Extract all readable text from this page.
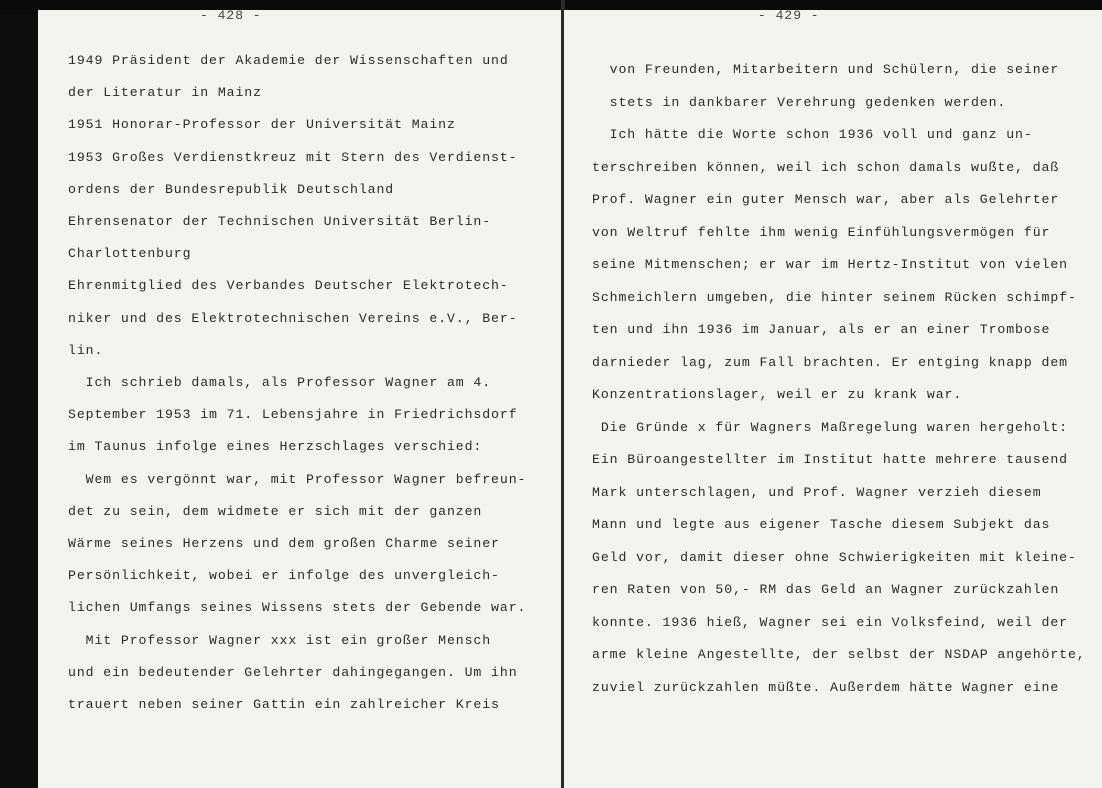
- 428 -
1949 Präsident der Akademie der Wissenschaften und
der Literatur in Mainz
1951 Honorar-Professor der Universität Mainz
1953 Großes Verdienstkreuz mit Stern des Verdienst-
ordens der Bundesrepublik Deutschland
Ehrensenator der Technischen Universität Berlin-
Charlottenburg
Ehrenmitglied des Verbandes Deutscher Elektrotech-
niker und des Elektrotechnischen Vereins e.V., Ber-
lin.
Ich schrieb damals, als Professor Wagner am 4.
September 1953 im 71. Lebensjahre in Friedrichsdorf
im Taunus infolge eines Herzschlages verschied:
Wem es vergönnt war, mit Professor Wagner befreun-
det zu sein, dem widmete er sich mit der ganzen
Wärme seines Herzens und dem großen Charme seiner
Persönlichkeit, wobei er infolge des unvergleich-
lichen Umfangs seines Wissens stets der Gebende war.
Mit Professor Wagner xxx ist ein großer Mensch
und ein bedeutender Gelehrter dahingegangen. Um ihn
trauert neben seiner Gattin ein zahlreicher Kreis
- 429 -
von Freunden, Mitarbeitern und Schülern, die seiner
stets in dankbarer Verehrung gedenken werden.
Ich hätte die Worte schon 1936 voll und ganz un-
terschreiben können, weil ich schon damals wußte, daß
Prof. Wagner ein guter Mensch war, aber als Gelehrter
von Weltruf fehlte ihm wenig Einfühlungsvermögen für
seine Mitmenschen; er war im Hertz-Institut von vielen
Schmeichlern umgeben, die hinter seinem Rücken schimpf-
ten und ihn 1936 im Januar, als er an einer Trombose
darnieder lag, zum Fall brachten. Er entging knapp dem
Konzentrationslager, weil er zu krank war.
Die Gründe x für Wagners Maßregelung waren hergeholt:
Ein Büroangestellter im Institut hatte mehrere tausend
Mark unterschlagen, und Prof. Wagner verzieh diesem
Mann und legte aus eigener Tasche diesem Subjekt das
Geld vor, damit dieser ohne Schwierigkeiten mit kleine-
ren Raten von 50,- RM das Geld an Wagner zurückzahlen
konnte. 1936 hieß, Wagner sei ein Volksfeind, weil der
arme kleine Angestellte, der selbst der NSDAP angehörte,
zuviel zurückzahlen müßte. Außerdem hätte Wagner eine
